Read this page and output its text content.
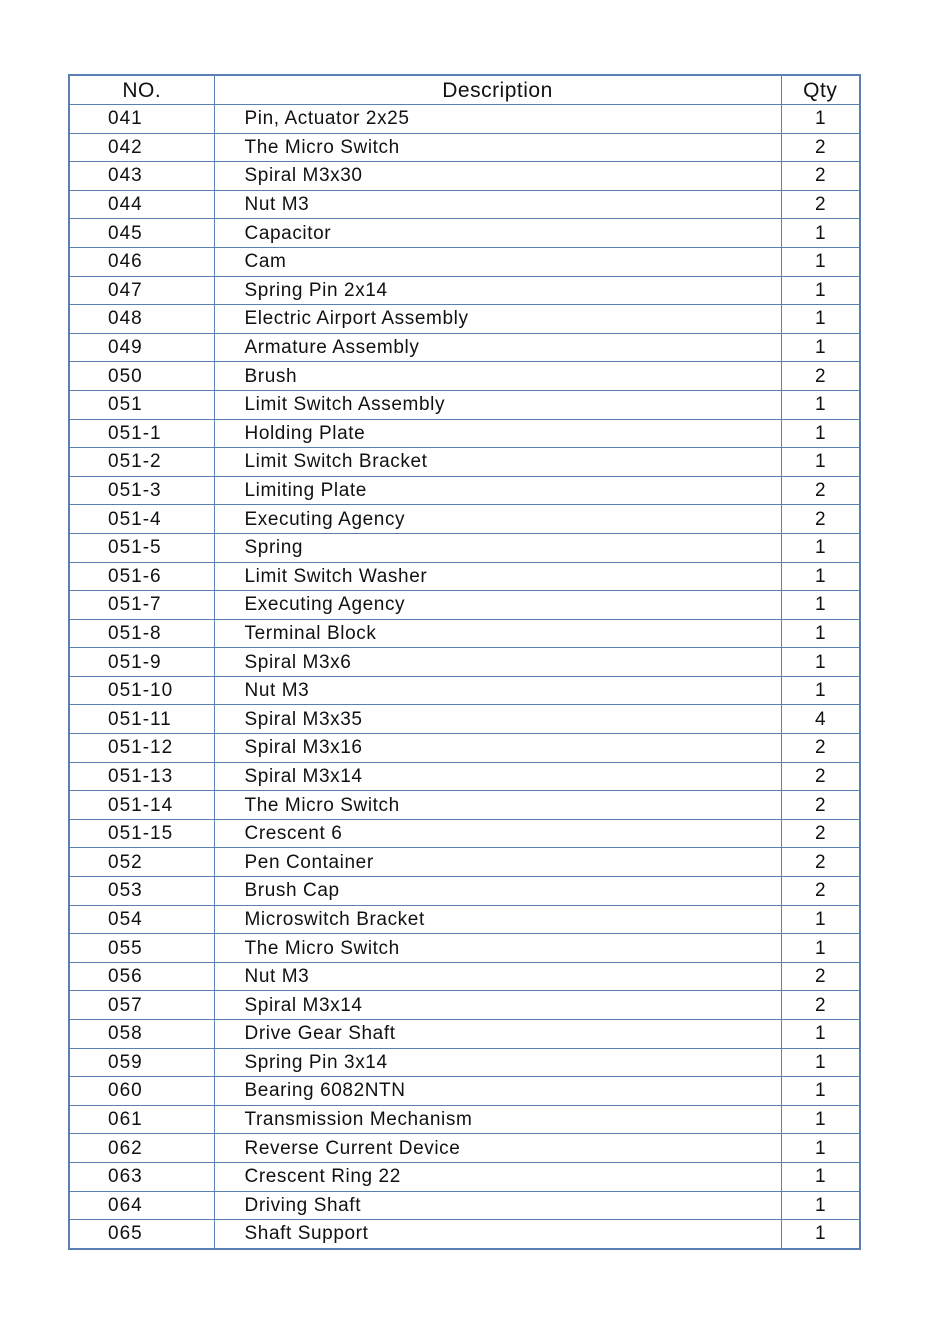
NO.	Description	Qty
041	Pin, Actuator 2x25	1
042	The Micro Switch	2
043	Spiral M3x30	2
044	Nut M3	2
045	Capacitor	1
046	Cam	1
047	Spring Pin 2x14	1
048	Electric Airport Assembly	1
049	Armature Assembly	1
050	Brush	2
051	Limit Switch Assembly	1
051-1	Holding Plate	1
051-2	Limit Switch Bracket	1
051-3	Limiting Plate	2
051-4	Executing Agency	2
051-5	Spring	1
051-6	Limit Switch Washer	1
051-7	Executing Agency	1
051-8	Terminal Block	1
051-9	Spiral M3x6	1
051-10	Nut M3	1
051-11	Spiral M3x35	4
051-12	Spiral M3x16	2
051-13	Spiral M3x14	2
051-14	The Micro Switch	2
051-15	Crescent 6	2
052	Pen Container	2
053	Brush Cap	2
054	Microswitch Bracket	1
055	The Micro Switch	1
056	Nut M3	2
057	Spiral M3x14	2
058	Drive Gear Shaft	1
059	Spring Pin 3x14	1
060	Bearing 6082NTN	1
061	Transmission Mechanism	1
062	Reverse Current Device	1
063	Crescent Ring 22	1
064	Driving Shaft	1
065	Shaft Support	1
